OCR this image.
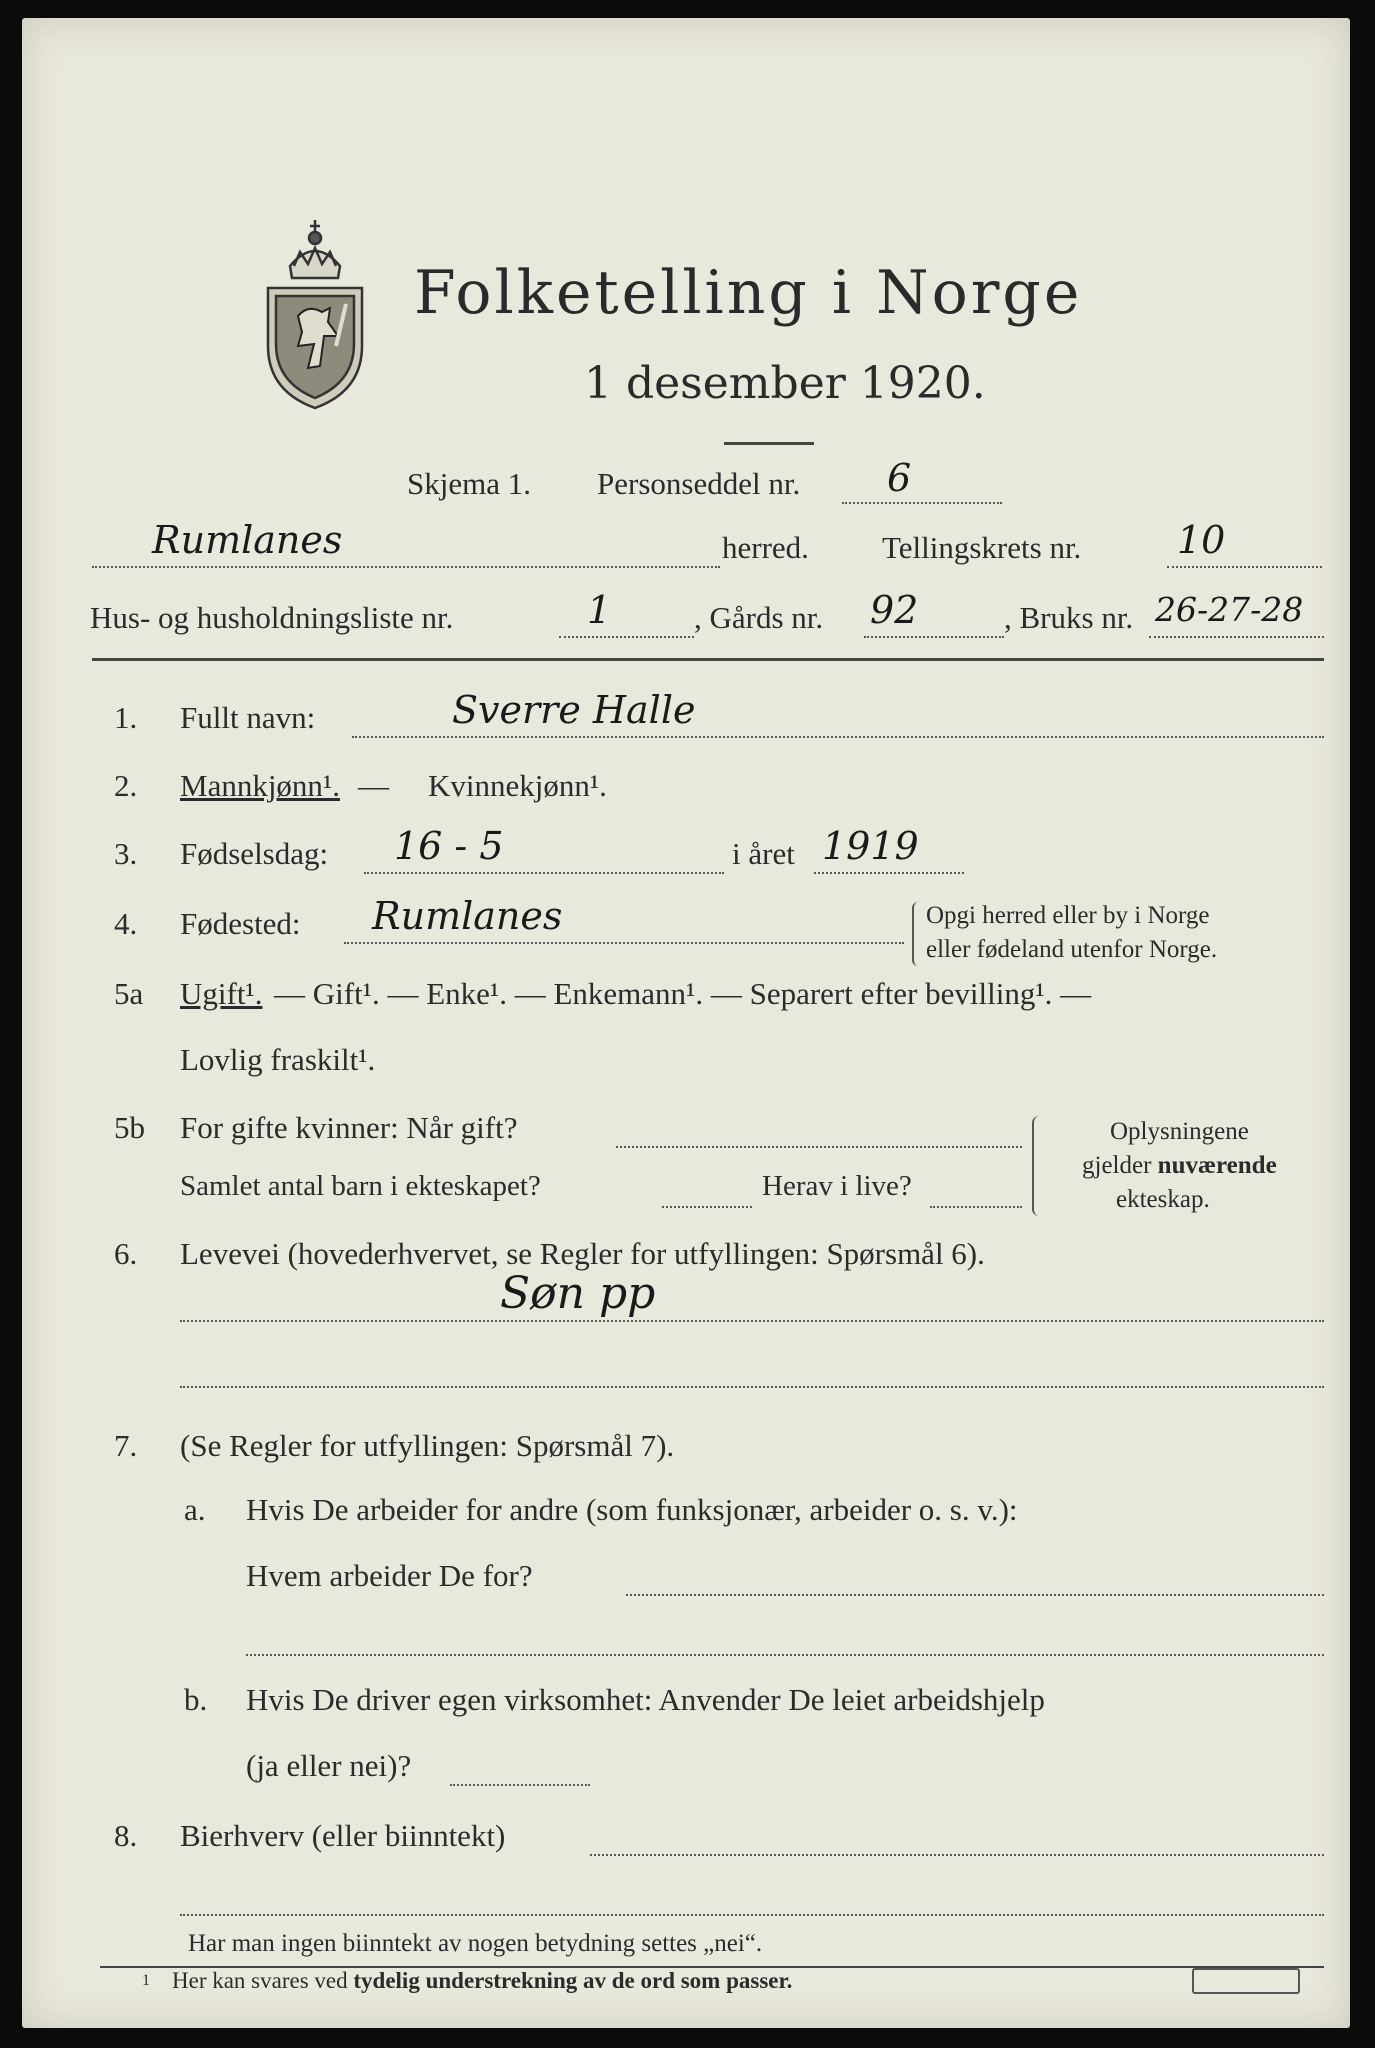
Folketelling i Norge
1 desember 1920.
Skjema 1. Personseddel nr. 6
Rumlanes	herred. Tellingskrets nr.	10
Hus- og husholdningsliste nr.	1	, Gårds nr. 92	, Bruks nr. 26-27-28
1. Fullt navn:	Sverre Halle
2. Mannkjønn¹. — Kvinnekjønn¹.
3. Fødselsdag: 16 - 5	i året 1919
4. Fødested: Rumlanes	Opgi herred eller by i Norge
eller fødeland utenfor Norge.
5a Ugift¹. — Gift¹. — Enke¹. — Enkemann¹. — Separert efter bevilling¹. —
Lovlig fraskilt¹.
5b For gifte kvinner: Når gift?
Samlet antal barn i ekteskapet?	Herav i live?
Oplysningene
gjelder nuværende
ekteskap.
6. Levevei (hovederhvervet, se Regler for utfyllingen: Spørsmål 6).
Søn pp
7. (Se Regler for utfyllingen: Spørsmål 7).
a. Hvis De arbeider for andre (som funksjonær, arbeider o. s. v.):
Hvem arbeider De for?
b. Hvis De driver egen virksomhet: Anvender De leiet arbeidshjelp
(ja eller nei)?
8. Bierhverv (eller biinntekt)
Har man ingen biinntekt av nogen betydning settes „nei“.
1 Her kan svares ved tydelig understrekning av de ord som passer.
